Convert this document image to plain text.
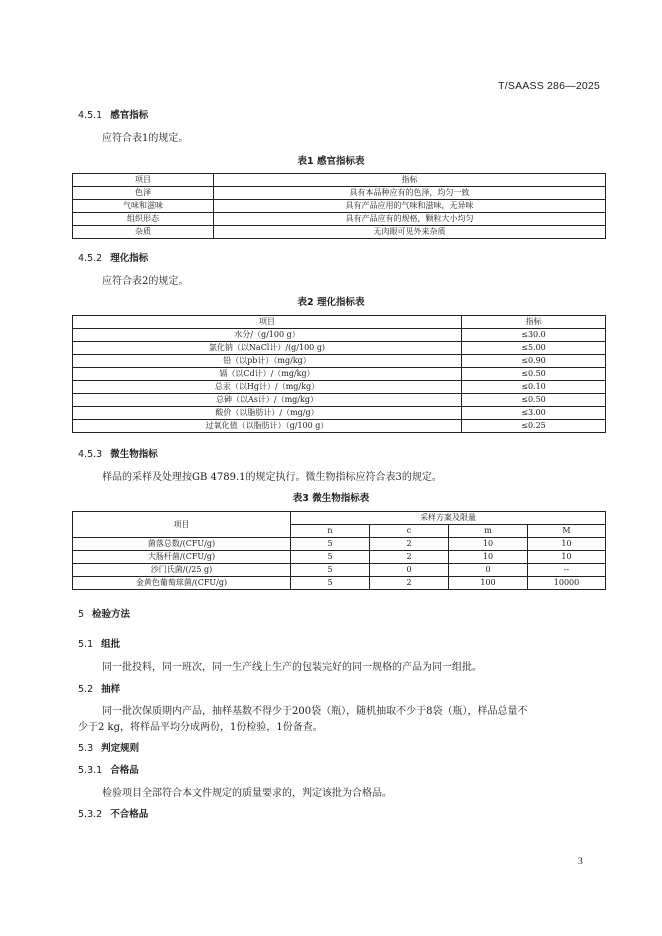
T/SAASS 286—2025
4.5.1 感官指标
应符合表1的规定。
表1 感官指标表
项目	指标
色泽	具有本品种应有的色泽，均匀一致
气味和滋味	具有产品应用的气味和滋味，无异味
组织形态	具有产品应有的规格，颗粒大小均匀
杂质	无肉眼可见外来杂质
4.5.2 理化指标
应符合表2的规定。
表2 理化指标表
项目	指标
水分/（g/100 g）	≤30.0
氯化钠（以NaCl计）/(g/100 g)	≤5.00
铅（以pb计）（mg/kg）	≤0.90
镉（以Cd计）/（mg/kg）	≤0.50
总汞（以Hg计）/（mg/kg）	≤0.10
总砷（以As计）/（mg/kg）	≤0.50
酸价（以脂肪计）/（mg/g）	≤3.00
过氧化值（以脂肪计）（g/100 g）	≤0.25
4.5.3 微生物指标
样品的采样及处理按GB 4789.1的规定执行。微生物指标应符合表3的规定。
表3 微生物指标表
项目	采样方案及限量			
	n	c	m	M
菌落总数/(CFU/g)	5	2	10	10
大肠杆菌/(CFU/g)	5	2	10	10
沙门氏菌/(/25 g)	5	0	0	--
金黄色葡萄球菌/(CFU/g)	5	2	100	10000
5 检验方法
5.1 组批
同一批投料，同一班次，同一生产线上生产的包装完好的同一规格的产品为同一组批。
5.2 抽样
同一批次保质期内产品，抽样基数不得少于200袋（瓶），随机抽取不少于8袋（瓶），样品总量不
少于2 kg，将样品平均分成两份，1份检验，1份备查。
5.3 判定规则
5.3.1 合格品
检验项目全部符合本文件规定的质量要求的，判定该批为合格品。
5.3.2 不合格品
3
